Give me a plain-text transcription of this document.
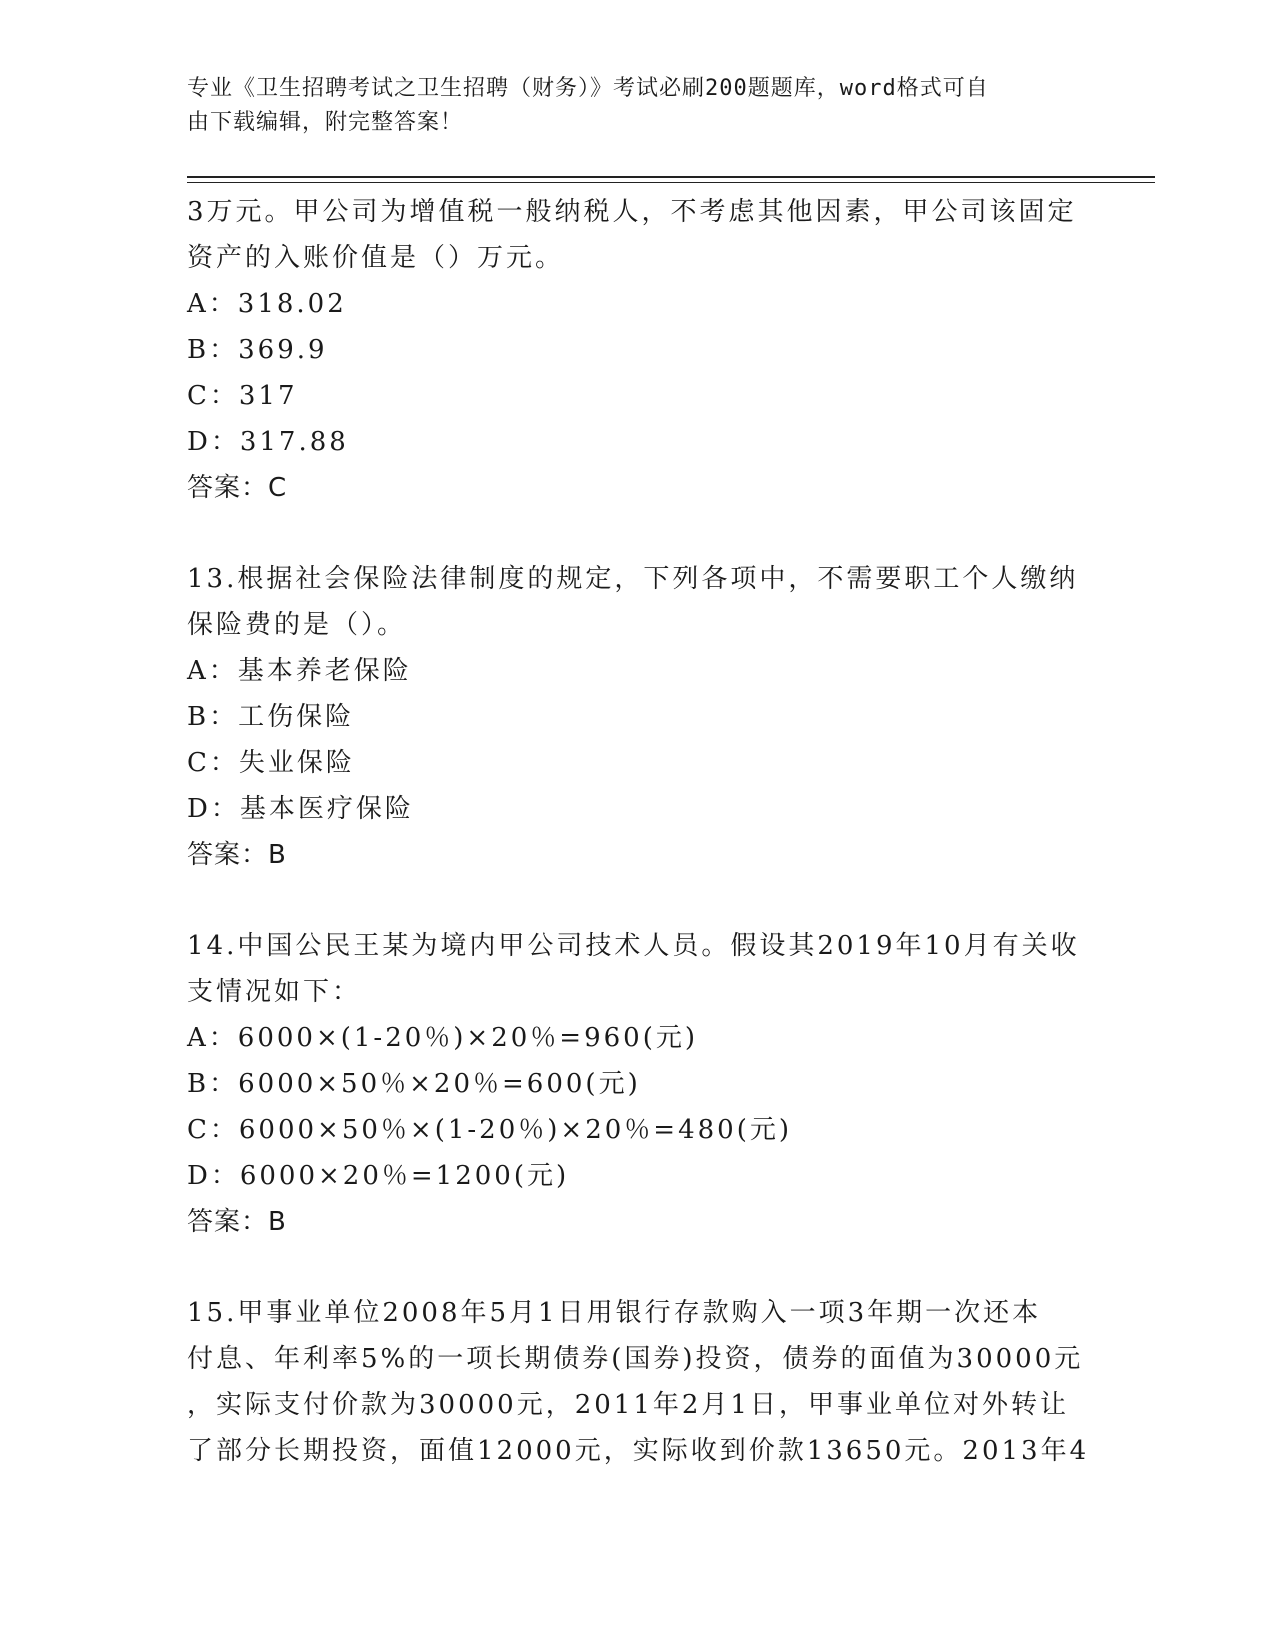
专业《卫生招聘考试之卫生招聘（财务）》考试必刷200题题库，word格式可自
由下载编辑，附完整答案！

3万元。甲公司为增值税一般纳税人，不考虑其他因素，甲公司该固定

资产的入账价值是（）万元。

A：318.02

B：369.9

C：317

D：317.88

答案：C

13.根据社会保险法律制度的规定，下列各项中，不需要职工个人缴纳

保险费的是（）。

A：基本养老保险

B：工伤保险

C：失业保险

D：基本医疗保险

答案：B

14.中国公民王某为境内甲公司技术人员。假设其2019年10月有关收

支情况如下：

A：6000×(1-20％)×20％=960(元)

B：6000×50％×20％=600(元)

C：6000×50％×(1-20％)×20％=480(元)

D：6000×20％=1200(元)

答案：B

15.甲事业单位2008年5月1日用银行存款购入一项3年期一次还本

付息、年利率5%的一项长期债券(国券)投资，债券的面值为30000元

，实际支付价款为30000元，2011年2月1日，甲事业单位对外转让

了部分长期投资，面值12000元，实际收到价款13650元。2013年4
